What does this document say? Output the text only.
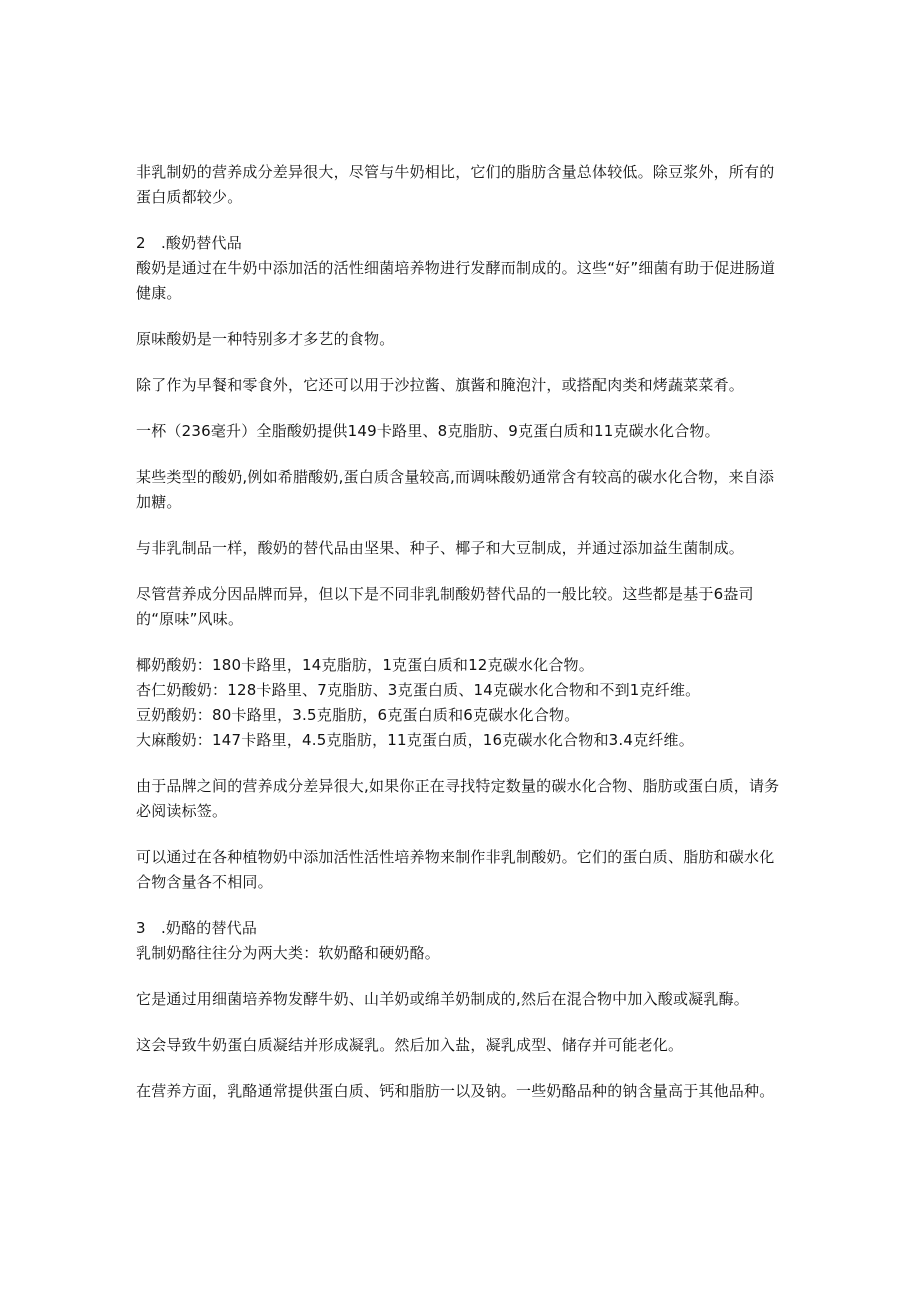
非乳制奶的营养成分差异很大，尽管与牛奶相比，它们的脂肪含量总体较低。除豆浆外，所有的蛋白质都较少。

2　.酸奶替代品

酸奶是通过在牛奶中添加活的活性细菌培养物进行发酵而制成的。这些“好”细菌有助于促进肠道健康。

原味酸奶是一种特别多才多艺的食物。

除了作为早餐和零食外，它还可以用于沙拉酱、旗酱和腌泡汁，或搭配肉类和烤蔬菜菜肴。

一杯（236毫升）全脂酸奶提供149卡路里、8克脂肪、9克蛋白质和11克碳水化合物。

某些类型的酸奶,例如希腊酸奶,蛋白质含量较高,而调味酸奶通常含有较高的碳水化合物，来自添加糖。

与非乳制品一样，酸奶的替代品由坚果、种子、椰子和大豆制成，并通过添加益生菌制成。

尽管营养成分因品牌而异，但以下是不同非乳制酸奶替代品的一般比较。这些都是基于6盎司的“原味”风味。

椰奶酸奶：180卡路里，14克脂肪，1克蛋白质和12克碳水化合物。

杏仁奶酸奶：128卡路里、7克脂肪、3克蛋白质、14克碳水化合物和不到1克纤维。

豆奶酸奶：80卡路里，3.5克脂肪，6克蛋白质和6克碳水化合物。

大麻酸奶：147卡路里，4.5克脂肪，11克蛋白质，16克碳水化合物和3.4克纤维。

由于品牌之间的营养成分差异很大,如果你正在寻找特定数量的碳水化合物、脂肪或蛋白质，请务必阅读标签。

可以通过在各种植物奶中添加活性活性培养物来制作非乳制酸奶。它们的蛋白质、脂肪和碳水化合物含量各不相同。

3　.奶酪的替代品

乳制奶酪往往分为两大类：软奶酪和硬奶酪。

它是通过用细菌培养物发酵牛奶、山羊奶或绵羊奶制成的,然后在混合物中加入酸或凝乳酶。

这会导致牛奶蛋白质凝结并形成凝乳。然后加入盐，凝乳成型、储存并可能老化。

在营养方面，乳酪通常提供蛋白质、钙和脂肪一以及钠。一些奶酪品种的钠含量高于其他品种。
